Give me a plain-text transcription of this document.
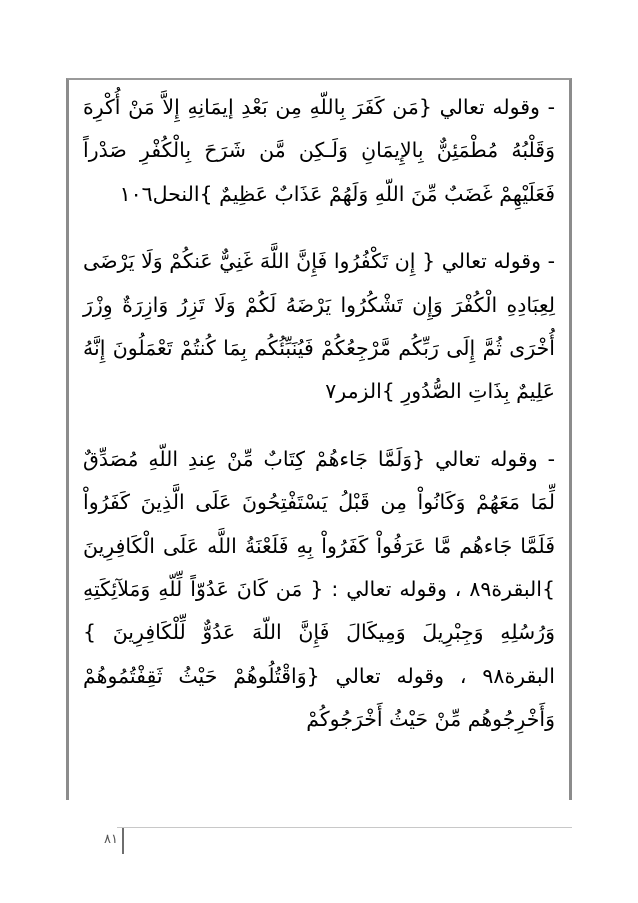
- وقوله تعالي {مَن كَفَرَ بِاللّهِ مِن بَعْدِ إيمَانِهِ إِلاَّ مَنْ أُكْرِهَ وَقَلْبُهُ مُطْمَئِنٌّ بِالإِيمَانِ وَلَـكِن مَّن شَرَحَ بِالْكُفْرِ صَدْراً فَعَلَيْهِمْ غَضَبٌ مِّنَ اللّهِ وَلَهُمْ عَذَابٌ عَظِيمٌ }النحل١٠٦

- وقوله تعالي { إِن تَكْفُرُوا فَإِنَّ اللَّهَ غَنِيٌّ عَنكُمْ وَلَا يَرْضَى لِعِبَادِهِ الْكُفْرَ وَإِن تَشْكُرُوا يَرْضَهُ لَكُمْ وَلَا تَزِرُ وَازِرَةٌ وِزْرَ أُخْرَى ثُمَّ إِلَى رَبِّكُم مَّرْجِعُكُمْ فَيُنَبِّئُكُم بِمَا كُنتُمْ تَعْمَلُونَ إِنَّهُ عَلِيمٌ بِذَاتِ الصُّدُورِ }الزمر٧

- وقوله تعالي {وَلَمَّا جَاءهُمْ كِتَابٌ مِّنْ عِندِ اللّهِ مُصَدِّقٌ لِّمَا مَعَهُمْ وَكَانُواْ مِن قَبْلُ يَسْتَفْتِحُونَ عَلَى الَّذِينَ كَفَرُواْ فَلَمَّا جَاءهُم مَّا عَرَفُواْ كَفَرُواْ بِهِ فَلَعْنَةُ اللَّه عَلَى الْكَافِرِينَ }البقرة٨٩ ، وقوله تعالي : { مَن كَانَ عَدُوّاً لِّلّهِ وَمَلآئِكَتِهِ وَرُسُلِهِ وَجِبْرِيلَ وَمِيكَالَ فَإِنَّ اللّهَ عَدُوٌّ لِّلْكَافِرِينَ }البقرة٩٨ ، وقوله تعالي {وَاقْتُلُوهُمْ حَيْثُ ثَقِفْتُمُوهُمْ وَأَخْرِجُوهُم مِّنْ حَيْثُ أَخْرَجُوكُمْ

٨١
